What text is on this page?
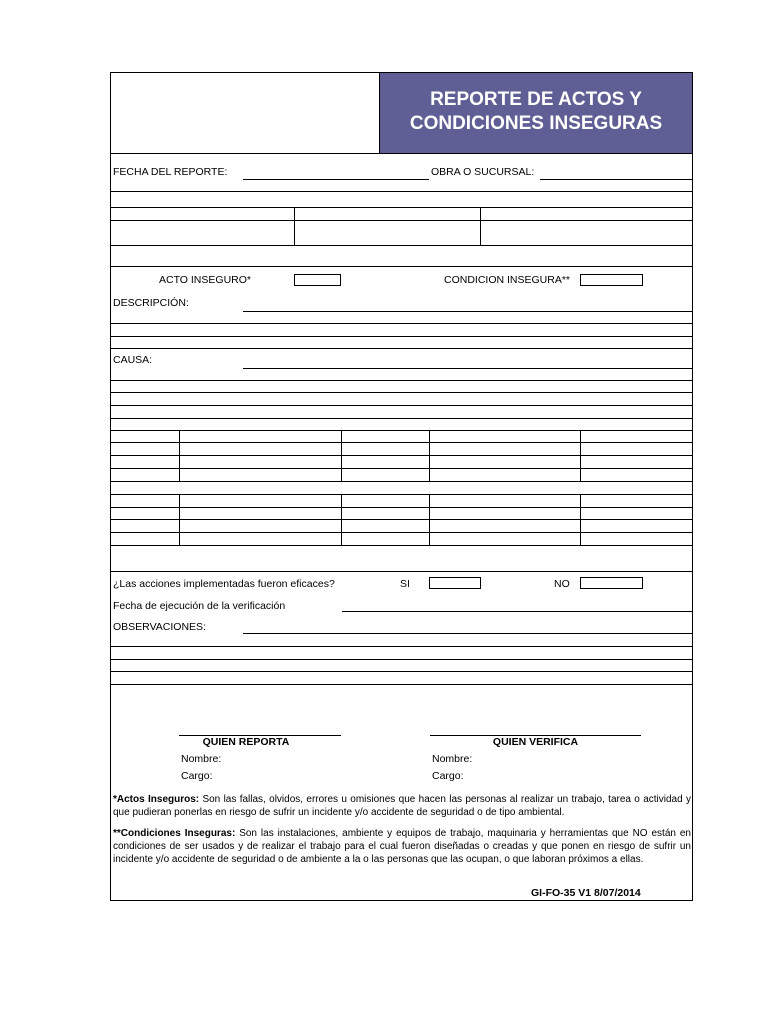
REPORTE DE ACTOS Y
CONDICIONES INSEGURAS
FECHA DEL REPORTE:	OBRA O SUCURSAL:
ACTO INSEGURO*	CONDICION INSEGURA**
DESCRIPCIÓN:
CAUSA:
¿Las acciones implementadas fueron eficaces?	SI	NO
Fecha de ejecución de la verificación
OBSERVACIONES:
QUIEN REPORTA	QUIEN VERIFICA
Nombre:
Cargo:
Nombre:
Cargo:
*Actos Inseguros: Son las fallas, olvidos, errores u omisiones que hacen las personas al realizar un trabajo, tarea o actividad y que pudieran ponerlas en riesgo de sufrir un incidente y/o accidente de seguridad o de tipo ambiental.
**Condiciones Inseguras: Son las instalaciones, ambiente y equipos de trabajo, maquinaria y herramientas que NO están en condiciones de ser usados y de realizar el trabajo para el cual fueron diseñadas o creadas y que ponen en riesgo de sufrir un incidente y/o accidente de seguridad o de ambiente a la o las personas que las ocupan, o que laboran próximos a ellas.
GI-FO-35 V1 8/07/2014
